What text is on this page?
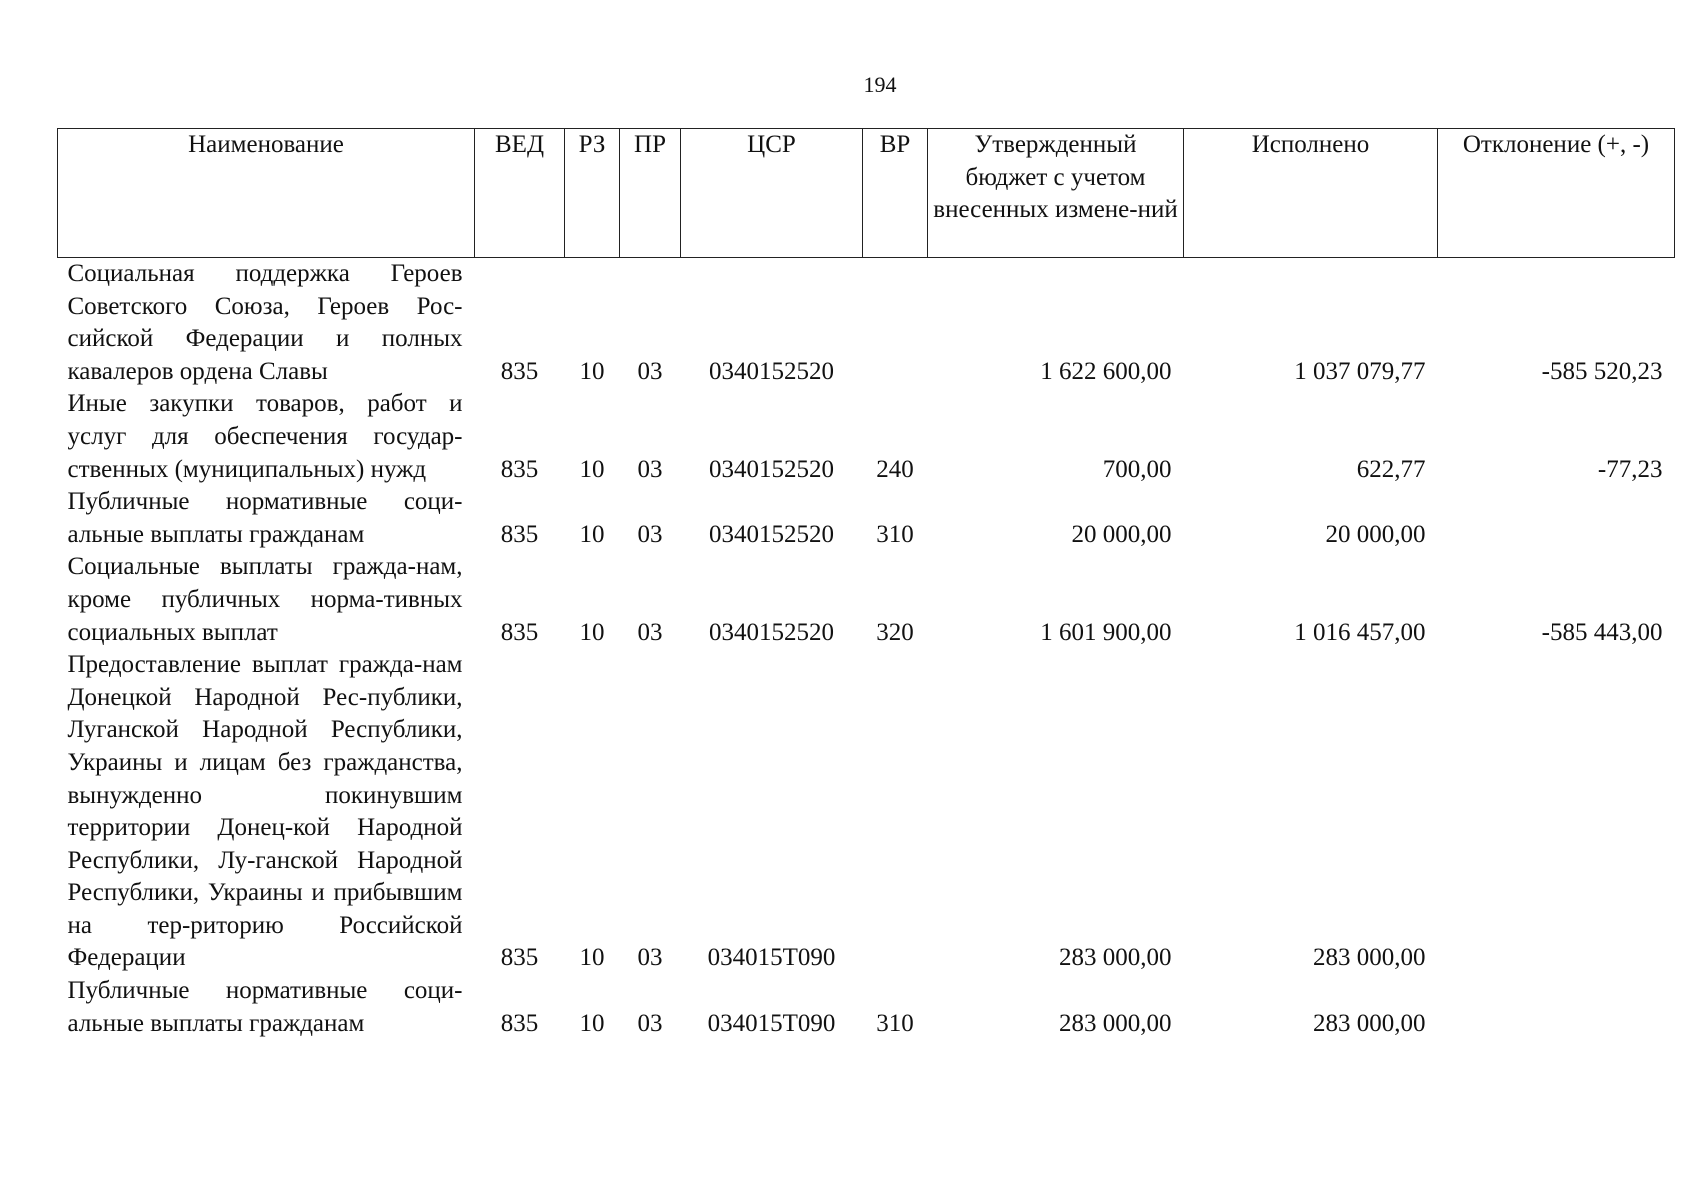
194
Наименование	ВЕД	РЗ	ПР	ЦСР	ВР	Утвержденный бюджет с учетом внесенных измене-ний	Исполнено	Отклонение (+, -)
Социальная поддержка Героев Советского Союза, Героев Рос-сийской Федерации и полных кавалеров ордена Славы	835	10	03	0340152520		1 622 600,00	1 037 079,77	-585 520,23
Иные закупки товаров, работ и услуг для обеспечения государ-ственных (муниципальных) нужд	835	10	03	0340152520	240	700,00	622,77	-77,23
Публичные нормативные соци-альные выплаты гражданам	835	10	03	0340152520	310	20 000,00	20 000,00	
Социальные выплаты гражда-нам, кроме публичных норма-тивных социальных выплат	835	10	03	0340152520	320	1 601 900,00	1 016 457,00	-585 443,00
Предоставление выплат гражда-нам Донецкой Народной Рес-публики, Луганской Народной Республики, Украины и лицам без гражданства, вынужденно покинувшим территории Донец-кой Народной Республики, Лу-ганской Народной Республики, Украины и прибывшим на тер-риторию Российской Федерации	835	10	03	034015Т090		283 000,00	283 000,00	
Публичные нормативные соци-альные выплаты гражданам	835	10	03	034015Т090	310	283 000,00	283 000,00	
